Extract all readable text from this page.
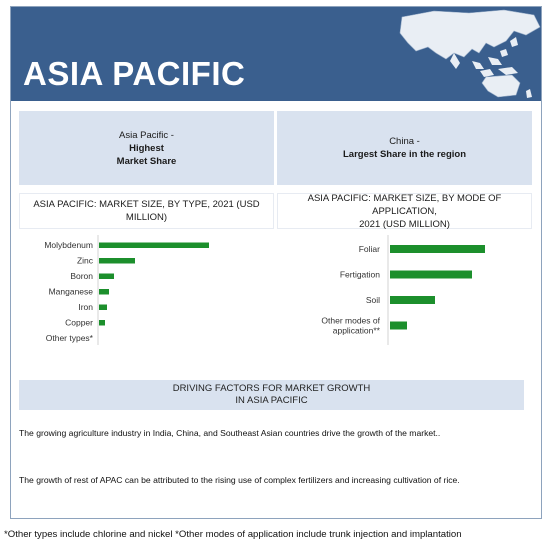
ASIA PACIFIC
Asia Pacific -
Highest
Market Share
China -
Largest Share in the region
ASIA PACIFIC: MARKET SIZE, BY TYPE, 2021 (USD
MILLION)
ASIA PACIFIC: MARKET SIZE, BY MODE OF APPLICATION,
2021 (USD MILLION)
Molybdenum
Zinc
Boron
Manganese
Iron
Copper
Other types*
Foliar
Fertigation
Soil
Other modes of
application**
DRIVING FACTORS FOR MARKET GROWTH
IN ASIA PACIFIC
The growing agriculture industry in India, China, and Southeast Asian countries drive the growth of the market..
The growth of rest of APAC can be attributed to the rising use of complex fertilizers and increasing cultivation of rice.
*Other types include chlorine and nickel *Other modes of application include trunk injection and implantation
